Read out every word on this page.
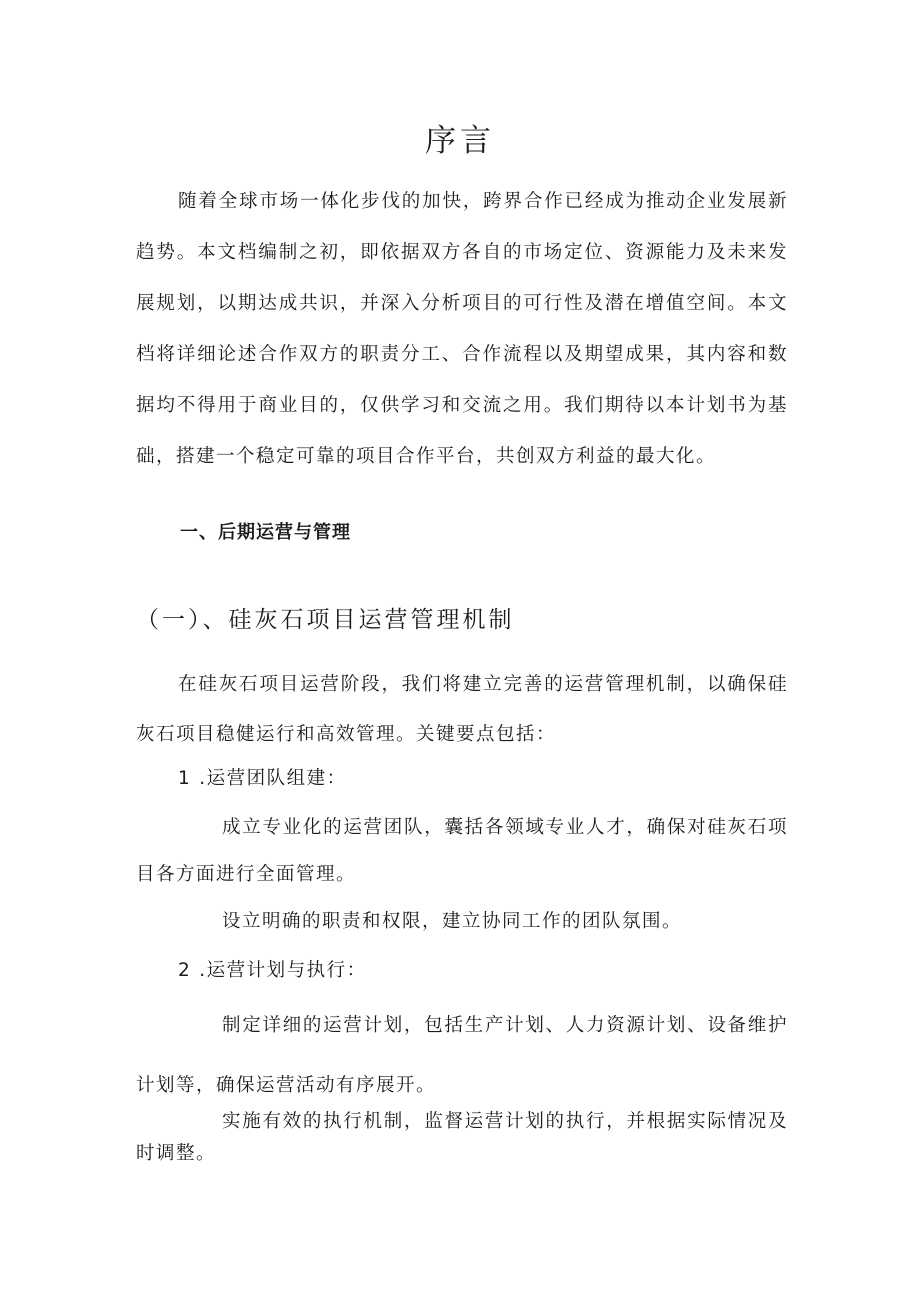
序言

随着全球市场一体化步伐的加快，跨界合作已经成为推动企业发展新趋势。本文档编制之初，即依据双方各自的市场定位、资源能力及未来发展规划，以期达成共识，并深入分析项目的可行性及潜在增值空间。本文档将详细论述合作双方的职责分工、合作流程以及期望成果，其内容和数据均不得用于商业目的，仅供学习和交流之用。我们期待以本计划书为基础，搭建一个稳定可靠的项目合作平台，共创双方利益的最大化。

一、后期运营与管理
（一）、硅灰石项目运营管理机制

在硅灰石项目运营阶段，我们将建立完善的运营管理机制，以确保硅灰石项目稳健运行和高效管理。关键要点包括：

1 .运营团队组建：

成立专业化的运营团队，囊括各领域专业人才，确保对硅灰石项目各方面进行全面管理。

设立明确的职责和权限，建立协同工作的团队氛围。

2 .运营计划与执行：

制定详细的运营计划，包括生产计划、人力资源计划、设备维护计划等，确保运营活动有序展开。

实施有效的执行机制，监督运营计划的执行，并根据实际情况及时调整。
